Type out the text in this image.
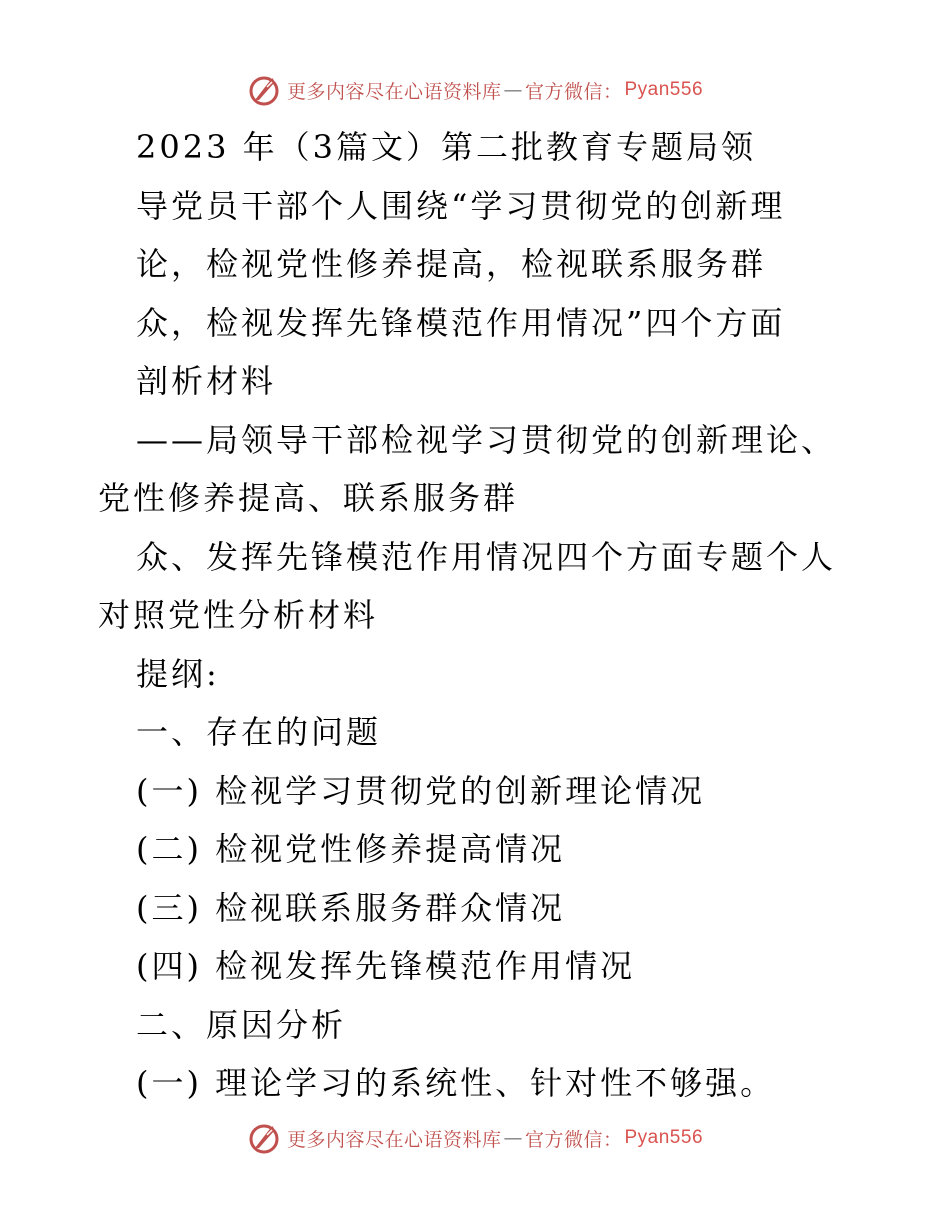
更多内容尽在心语资料库 — 官方微信： Pyan556

2023 年（3篇文）第二批教育专题局领

导党员干部个人围绕“学习贯彻党的创新理

论，检视党性修养提高，检视联系服务群

众，检视发挥先锋模范作用情况”四个方面

剖析材料

——局领导干部检视学习贯彻党的创新理论、党性修养提高、联系服务群

众、发挥先锋模范作用情况四个方面专题个人对照党性分析材料

提纲:

一、存在的问题

(一) 检视学习贯彻党的创新理论情况

(二) 检视党性修养提高情况

(三) 检视联系服务群众情况

(四) 检视发挥先锋模范作用情况

二、原因分析

(一) 理论学习的系统性、针对性不够强。

更多内容尽在心语资料库 — 官方微信： Pyan556
